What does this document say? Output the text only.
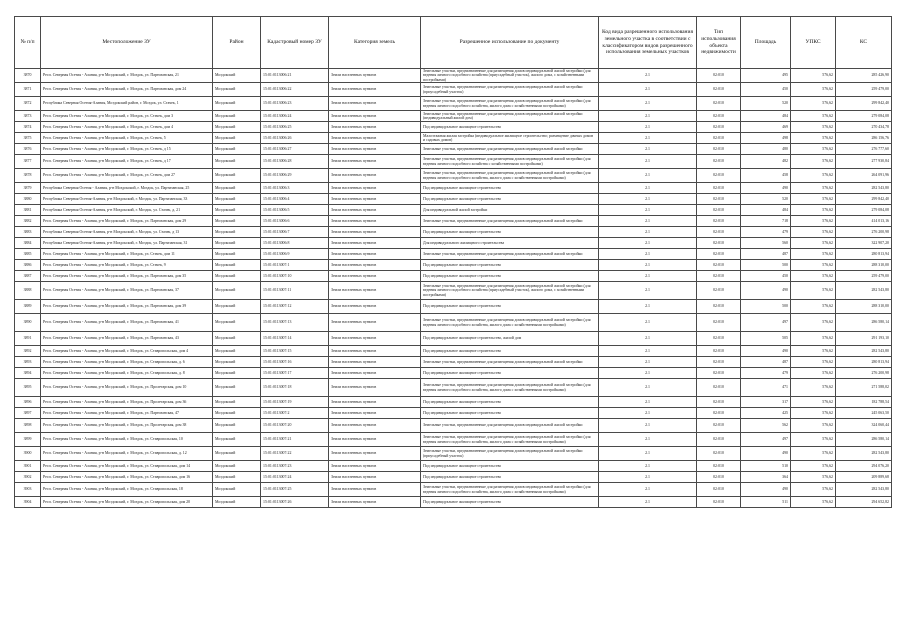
№ п/п	Местоположение ЗУ	Район	Кадастровый номер ЗУ	Категория земель	Разрешенное использование по документу	Код вида разрешенного использования земельного участка в соответствии с классификатором видов разрешенного использования земельных участков	Тип использования объекта недвижимости	Площадь	УПКС	КС
3870	Респ. Северная Осетия - Алания, р-н Моздокский, г. Моздок, ул. Партизанская, 21	Моздокский	15:01:0113006:21	Земли населенных пунктов	Земельные участки, предназначенные для размещения домов индивидуальной жилой застройки (для ведения личного подсобного хозяйства (приусадебный участок), жилого дома, с хозяйственными постройками)	2.1	02:010	495	576,62	285 426,90
3871	Респ. Северная Осетия - Алания, р-н Моздокский, г. Моздок, ул. Партизанская, дом 24	Моздокский	15:01:0113006:22	Земли населенных пунктов	Земельные участки, предназначенные для размещения домов индивидуальной жилой застройки (приусадебный участок)	2.1	02:010	450	576,62	259 479,00
3872	Республика Северная Осетия-Алания, Моздокский район, г. Моздок, ул. Стачек, 1	Моздокский	15:01:0113006:23	Земли населенных пунктов	Земельные участки, предназначенные для размещения домов индивидуальной жилой застройки (для ведения личного подсобного хозяйства, жилого дома с хозяйственными постройками)	2.1	02:010	520	576,62	299 842,40
3873	Респ. Северная Осетия - Алания, р-н Моздокский, г. Моздок, ул. Стачек, дом 3	Моздокский	15:01:0113006:24	Земли населенных пунктов	Земельные участки, предназначенные для размещения домов индивидуальной жилой застройки (индивидуальный жилой дом)	2.1	02:010	484	576,62	279 084,08
3874	Респ. Северная Осетия - Алания, р-н Моздокский, г. Моздок, ул. Стачек, дом 4	Моздокский	15:01:0113006:25	Земли населенных пунктов	Под индивидуальное жилищное строительство	2.1	02:010	469	576,62	270 434,78
3875	Респ. Северная Осетия - Алания, р-н Моздокский, г. Моздок, ул. Стачек, 5	Моздокский	15:01:0113006:26	Земли населенных пунктов	Малоэтажная жилая застройка (индивидуальное жилищное строительство; размещение дачных домов и садовых домов)	2.1	02:010	498	576,62	286 156,76
3876	Респ. Северная Осетия - Алания, р-н Моздокский, г. Моздок, ул. Стачек, д 15	Моздокский	15:01:0113006:27	Земли населенных пунктов	Земельные участки, предназначенные для размещения домов индивидуальной жилой застройки	2.1	02:010	480	576,62	276 777,60
3877	Респ. Северная Осетия - Алания, р-н Моздокский, г. Моздок, ул. Стачек, д 17	Моздокский	15:01:0113006:28	Земли населенных пунктов	Земельные участки, предназначенные для размещения домов индивидуальной жилой застройки (для ведения личного подсобного хозяйства с хозяйственными постройками)	2.1	02:010	482	576,62	277 930,84
3878	Респ. Северная Осетия - Алания, р-н Моздокский, г. Моздок, ул. Стачек, дом 27	Моздокский	15:01:0113006:29	Земли населенных пунктов	Земельные участки, предназначенные для размещения домов индивидуальной жилой застройки (для ведения личного подсобного хозяйства, жилого дома с хозяйственными постройками)	2.1	02:010	458	576,62	264 091,96
3879	Республика Северная Осетия - Алания, р-н Моздокский, г. Моздок, ул. Партизанская, 25	Моздокский	15:01:0113006:3	Земли населенных пунктов	Под индивидуальное жилищное строительство	2.1	02:010	490	576,62	282 543,80
3880	Республика Северная Осетия-Алания, р-н Моздокский, г. Моздок, ул. Партизанская, 33	Моздокский	15:01:0113006:4	Земли населенных пунктов	Под индивидуальное жилищное строительство	2.1	02:010	520	576,62	299 842,40
3881	Республика Северная Осетия-Алания, р-н Моздокский, г. Моздок, ул. Стачек, д. 21	Моздокский	15:01:0113006:5	Земли населенных пунктов	Для индивидуальной жилой застройки	2.1	02:010	484	576,62	279 084,08
3882	Респ. Северная Осетия - Алания, р-н Моздокский, г. Моздок, ул. Партизанская, дом 29	Моздокский	15:01:0113006:6	Земли населенных пунктов	Земельные участки, предназначенные для размещения домов индивидуальной жилой застройки	2.1	02:010	718	576,62	414 013,16
3883	Республика Северная Осетия-Алания, р-н Моздокский, г. Моздок, ул. Стачек, д 13	Моздокский	15:01:0113006:7	Земли населенных пунктов	Под индивидуальное жилищное строительство	2.1	02:010	479	576,62	276 200,98
3884	Республика Северная Осетия-Алания, р-н Моздокский, г. Моздок, ул. Партизанская, 31	Моздокский	15:01:0113006:8	Земли населенных пунктов	Для индивидуального жилищного строительства	2.1	02:010	560	576,62	322 907,20
3885	Респ. Северная Осетия - Алания, р-н Моздокский, г. Моздок, ул. Стачек, дом 11	Моздокский	15:01:0113006:9	Земли населенных пунктов	Земельные участки, предназначенные для размещения домов индивидуальной жилой застройки	2.1	02:010	487	576,62	280 813,94
3886	Респ. Северная Осетия - Алания, р-н Моздокский, г. Моздок, ул. Стачек, 9	Моздокский	15:01:0113007:1	Земли населенных пунктов	Под индивидуальное жилищное строительство	2.1	02:010	500	576,62	288 310,00
3887	Респ. Северная Осетия - Алания, р-н Моздокский, г. Моздок, ул. Партизанская, дом 35	Моздокский	15:01:0113007:10	Земли населенных пунктов	Под индивидуальное жилищное строительство	2.1	02:010	450	576,62	259 479,00
3888	Респ. Северная Осетия - Алания, р-н Моздокский, г. Моздок, ул. Партизанская, 37	Моздокский	15:01:0113007:11	Земли населенных пунктов	Земельные участки, предназначенные для размещения домов индивидуальной жилой застройки (для ведения личного подсобного хозяйства (приусадебный участок), жилого дома, с хозяйственными постройками)	2.1	02:010	490	576,62	282 543,80
3889	Респ. Северная Осетия - Алания, р-н Моздокский, г. Моздок, ул. Партизанская, дом 39	Моздокский	15:01:0113007:12	Земли населенных пунктов	Под индивидуальное жилищное строительство	2.1	02:010	500	576,62	288 310,00
3890	Респ. Северная Осетия - Алания, р-н Моздокский, г. Моздок, ул. Партизанская, 41	Моздокский	15:01:0113007:13	Земли населенных пунктов	Земельные участки, предназначенные для размещения домов индивидуальной жилой застройки (для ведения личного подсобного хозяйства, жилого дома с хозяйственными постройками)	2.1	02:010	497	576,62	286 580,14
3891	Респ. Северная Осетия - Алания, р-н Моздокский, г. Моздок, ул. Партизанская, 43	Моздокский	15:01:0113007:14	Земли населенных пунктов	Под индивидуальное жилищное строительство, жилой дом	2.1	02:010	505	576,62	291 193,10
3892	Респ. Северная Осетия - Алания, р-н Моздокский, г. Моздок, ул. Ставропольская, дом 4	Моздокский	15:01:0113007:15	Земли населенных пунктов	Под индивидуальное жилищное строительство	2.1	02:010	490	576,62	282 543,80
3893	Респ. Северная Осетия - Алания, р-н Моздокский, г. Моздок, ул. Ставропольская, д. 6	Моздокский	15:01:0113007:16	Земли населенных пунктов	Земельные участки, предназначенные для размещения домов индивидуальной жилой застройки	2.1	02:010	487	576,62	280 813,94
3894	Респ. Северная Осетия - Алания, р-н Моздокский, г. Моздок, ул. Ставропольская, д. 8	Моздокский	15:01:0113007:17	Земли населенных пунктов	Под индивидуальное жилищное строительство	2.1	02:010	479	576,62	276 200,98
3895	Респ. Северная Осетия - Алания, р-н Моздокский, г. Моздок, ул. Пролетарская, дом 10	Моздокский	15:01:0113007:18	Земли населенных пунктов	Земельные участки, предназначенные для размещения домов индивидуальной жилой застройки (для ведения личного подсобного хозяйства, жилого дома с хозяйственными постройками)	2.1	02:010	471	576,62	271 588,02
3896	Респ. Северная Осетия - Алания, р-н Моздокский, г. Моздок, ул. Пролетарская, дом 36	Моздокский	15:01:0113007:19	Земли населенных пунктов	Под индивидуальное жилищное строительство	2.1	02:010	317	576,62	182 788,54
3897	Респ. Северная Осетия - Алания, р-н Моздокский, г. Моздок, ул. Партизанская, 47	Моздокский	15:01:0113007:2	Земли населенных пунктов	Под индивидуальное жилищное строительство	2.1	02:010	425	576,62	245 063,50
3898	Респ. Северная Осетия - Алания, р-н Моздокский, г. Моздок, ул. Пролетарская, дом 38	Моздокский	15:01:0113007:20	Земли населенных пунктов	Земельные участки, предназначенные для размещения домов индивидуальной жилой застройки	2.1	02:010	562	576,62	324 060,44
3899	Респ. Северная Осетия - Алания, р-н Моздокский, г. Моздок, ул. Ставропольская, 10	Моздокский	15:01:0113007:21	Земли населенных пунктов	Земельные участки, предназначенные для размещения домов индивидуальной жилой застройки (для ведения личного подсобного хозяйства, жилого дома с хозяйственными постройками)	2.1	02:010	497	576,62	286 580,14
3900	Респ. Северная Осетия - Алания, р-н Моздокский, г. Моздок, ул. Ставропольская, д. 12	Моздокский	15:01:0113007:22	Земли населенных пунктов	Земельные участки, предназначенные для размещения домов индивидуальной жилой застройки (приусадебный участок)	2.1	02:010	490	576,62	282 543,80
3901	Респ. Северная Осетия - Алания, р-н Моздокский, г. Моздок, ул. Ставропольская, дом 14	Моздокский	15:01:0113007:23	Земли населенных пунктов	Под индивидуальное жилищное строительство	2.1	02:010	510	576,62	294 076,20
3902	Респ. Северная Осетия - Алания, р-н Моздокский, г. Моздок, ул. Ставропольская, дом 16	Моздокский	15:01:0113007:24	Земли населенных пунктов	Под индивидуальное жилищное строительство	2.1	02:010	364	576,62	209 889,68
3903	Респ. Северная Осетия - Алания, р-н Моздокский, г. Моздок, ул. Ставропольская, 18	Моздокский	15:01:0113007:25	Земли населенных пунктов	Земельные участки, предназначенные для размещения домов индивидуальной жилой застройки (для ведения личного подсобного хозяйства, жилого дома с хозяйственными постройками)	2.1	02:010	490	576,62	282 543,80
3904	Респ. Северная Осетия - Алания, р-н Моздокский, г. Моздок, ул. Ставропольская, дом 20	Моздокский	15:01:0113007:26	Земли населенных пунктов	Под индивидуальное жилищное строительство	2.1	02:010	511	576,62	294 652,82
